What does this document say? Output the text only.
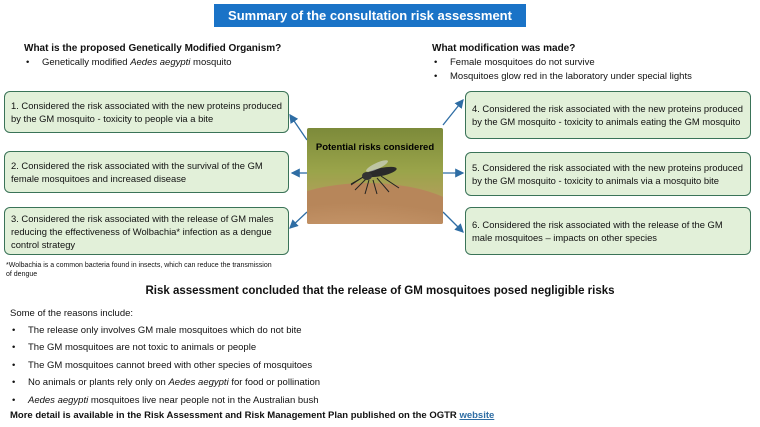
Summary of the consultation risk assessment
What is the proposed Genetically Modified Organism?
• Genetically modified Aedes aegypti mosquito
What modification was made?
• Female mosquitoes do not survive
• Mosquitoes glow red in the laboratory under special lights
1. Considered the risk associated with the new proteins produced by the GM mosquito - toxicity to people via a bite
2. Considered the risk associated with the survival of the GM female mosquitoes and increased disease
3. Considered the risk associated with the release of GM males reducing the effectiveness of Wolbachia* infection as a dengue control strategy
4. Considered the risk associated with the new proteins produced by the GM mosquito - toxicity to animals eating the GM mosquito
5. Considered the risk associated with the new proteins produced by the GM mosquito - toxicity to animals via a mosquito bite
6. Considered the risk associated with the release of the GM male mosquitoes – impacts on other species
Potential risks considered
*Wolbachia is a common bacteria found in insects, which can reduce the transmission of dengue
Risk assessment concluded that the release of GM mosquitoes posed negligible risks
Some of the reasons include:
• The release only involves GM male mosquitoes which do not bite
• The GM mosquitoes are not toxic to animals or people
• The GM mosquitoes cannot breed with other species of mosquitoes
• No animals or plants rely only on Aedes aegypti for food or pollination
• Aedes aegypti mosquitoes live near people not in the Australian bush
More detail is available in the Risk Assessment and Risk Management Plan published on the OGTR website
